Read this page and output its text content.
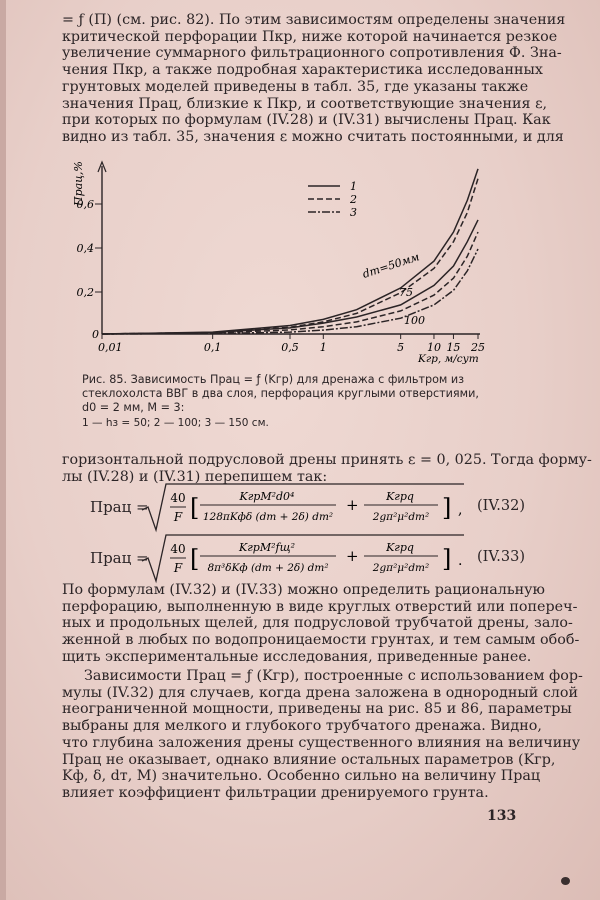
= ƒ (П) (см. рис. 82). По этим зависимостям определены значения
критической перфорации Пкр, ниже которой начинается резкое
увеличение суммарного фильтрационного сопротивления Ф. Зна-
чения Пкр, а также подробная характеристика исследованных
грунтовых моделей приведены в табл. 35, где указаны также
значения Прац, близкие к Пкр, и соответствующие значения ε,
при которых по формулам (IV.28) и (IV.31) вычислены Прац. Как
видно из табл. 35, значения ε можно считать постоянными, и для

0
0,2
0,4
0,6
Прац,%
Kгр, м/сут
0,01	0,1	0,5 1	5 10 15 25
1
2
3
dт=50мм
75
100
Рис. 85. Зависимость Прац = ƒ (Kгр) для дренажа с фильтром из
стеклохолста ВВГ в два слоя, перфорация круглыми отверстиями,
d0 = 2 мм, M = 3:
1 — hз = 50; 2 — 100; 3 — 150 см.

горизонтальной подрусловой дрены принять ε = 0, 025. Тогда форму-
лы (IV.28) и (IV.31) перепишем так:

Прац = 40
F [	KгрM²d0⁴
128πKфδ (dт + 2δ) dт²
+ Kгрq
2gπ²μ²dт² ] , (IV.32)
Прац = 40
F [	KгрM²fщ²
8π³δKф (dт + 2δ) dт²
+ Kгрq
2gπ²μ²dт² ] . (IV.33)

По формулам (IV.32) и (IV.33) можно определить рациональную
перфорацию, выполненную в виде круглых отверстий или попереч-
ных и продольных щелей, для подрусловой трубчатой дрены, зало-
женной в любых по водопроницаемости грунтах, и тем самым обоб-
щить экспериментальные исследования, приведенные ранее.

Зависимости Прац = ƒ (Kгр), построенные с использованием фор-
мулы (IV.32) для случаев, когда дрена заложена в однородный слой
неограниченной мощности, приведены на рис. 85 и 86, параметры
выбраны для мелкого и глубокого трубчатого дренажа. Видно,
что глубина заложения дрены существенного влияния на величину
Прац не оказывает, однако влияние остальных параметров (Kгр,
Kф, δ, dт, M) значительно. Особенно сильно на величину Прац
влияет коэффициент фильтрации дренируемого грунта.

133
